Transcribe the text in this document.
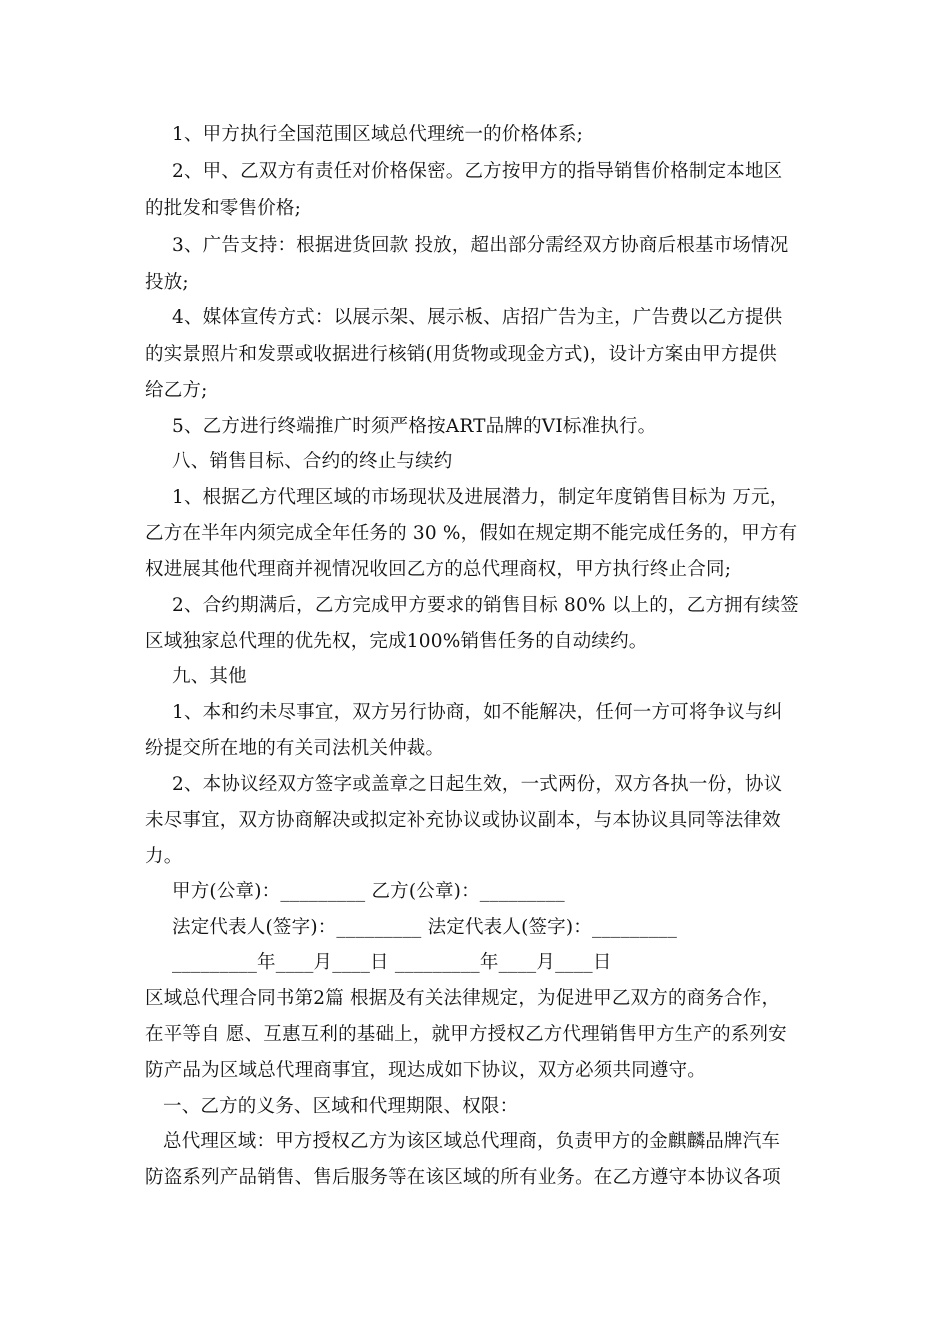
1、甲方执行全国范围区域总代理统一的价格体系;
2、甲、乙双方有责任对价格保密。乙方按甲方的指导销售价格制定本地区
的批发和零售价格;
3、广告支持：根据进货回款 投放，超出部分需经双方协商后根基市场情况
投放;
4、媒体宣传方式：以展示架、展示板、店招广告为主，广告费以乙方提供
的实景照片和发票或收据进行核销(用货物或现金方式)，设计方案由甲方提供
给乙方;
5、乙方进行终端推广时须严格按ART品牌的VI标准执行。
八、销售目标、合约的终止与续约
1、根据乙方代理区域的市场现状及进展潜力，制定年度销售目标为 万元，
乙方在半年内须完成全年任务的 30 %，假如在规定期不能完成任务的，甲方有
权进展其他代理商并视情况收回乙方的总代理商权，甲方执行终止合同;
2、合约期满后，乙方完成甲方要求的销售目标 80% 以上的，乙方拥有续签
区域独家总代理的优先权，完成100%销售任务的自动续约。
九、其他
1、本和约未尽事宜，双方另行协商，如不能解决，任何一方可将争议与纠
纷提交所在地的有关司法机关仲裁。
2、本协议经双方签字或盖章之日起生效，一式两份，双方各执一份，协议
未尽事宜，双方协商解决或拟定补充协议或协议副本，与本协议具同等法律效
力。
甲方(公章)：_________ 乙方(公章)：_________
法定代表人(签字)：_________ 法定代表人(签字)：_________
_________年____月____日 _________年____月____日
区域总代理合同书第2篇 根据及有关法律规定，为促进甲乙双方的商务合作，
在平等自 愿、互惠互利的基础上，就甲方授权乙方代理销售甲方生产的系列安
防产品为区域总代理商事宜，现达成如下协议，双方必须共同遵守。
一、乙方的义务、区域和代理期限、权限：
总代理区域：甲方授权乙方为该区域总代理商，负责甲方的金麒麟品牌汽车
防盗系列产品销售、售后服务等在该区域的所有业务。在乙方遵守本协议各项
